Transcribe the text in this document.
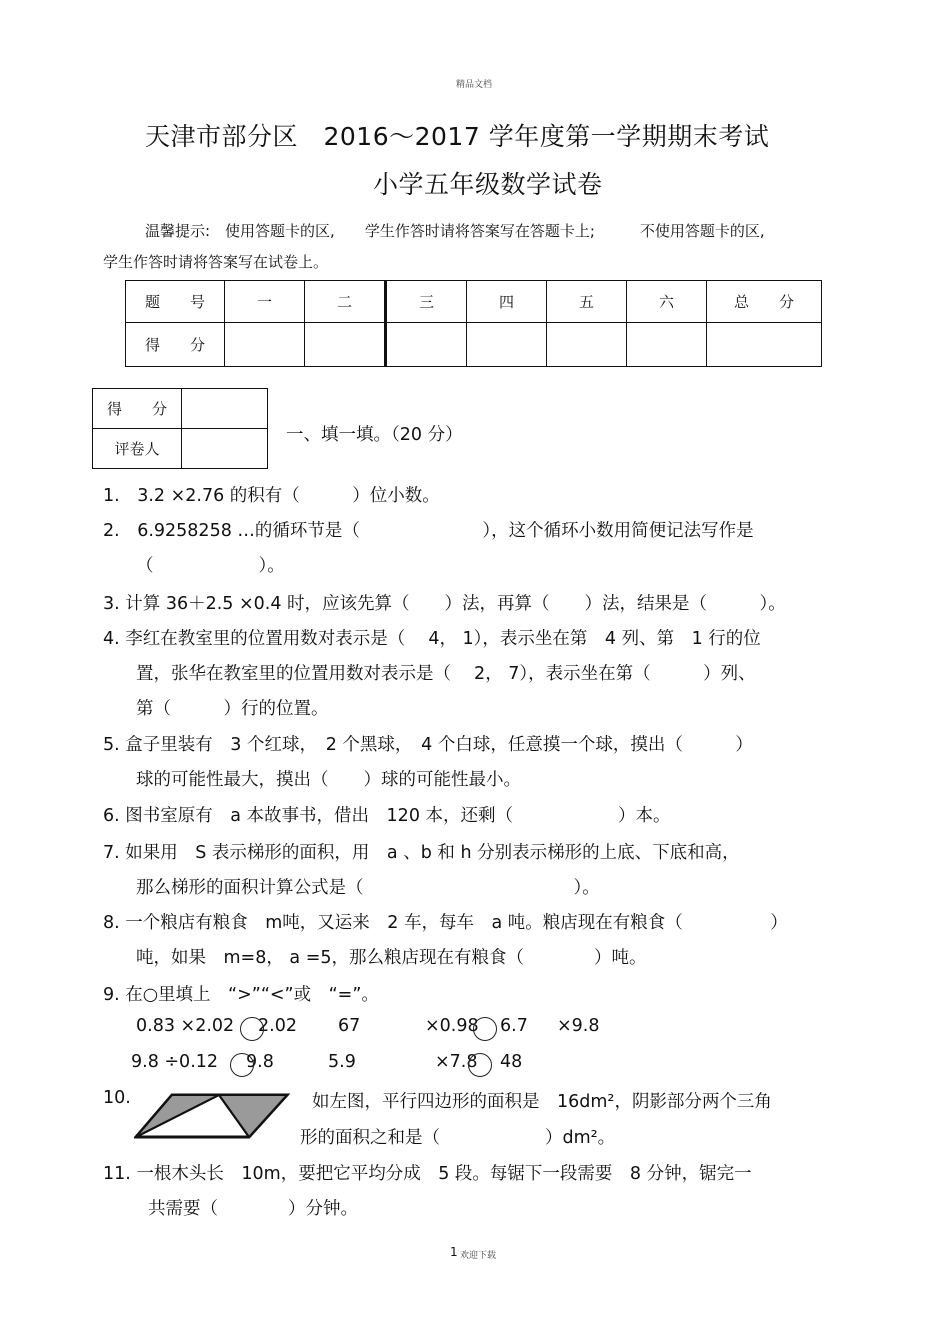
精品文档
天津市部分区　2016～2017 学年度第一学期期末考试
小学五年级数学试卷
温馨提示:　使用答题卡的区,　　学生作答时请将答案写在答题卡上;　　　不使用答题卡的区,
学生作答时请将答案写在试卷上。
题　　号	一	二	三	四	五	六	总　　分
得　　分							
得　　分	
评卷人	
一、填一填。（20 分）
1.　3.2 ×2.76 的积有（　　　）位小数。
2.　6.9258258 …的循环节是（　　　　　　　），这个循环小数用简便记法写作是
（　　　　　　）。
3. 计算 36＋2.5 ×0.4 时，应该先算（　　）法，再算（　　）法，结果是（　　　）。
4. 李红在教室里的位置用数对表示是（　 4， 1），表示坐在第　4 列、第　1 行的位
置，张华在教室里的位置用数对表示是（　 2， 7），表示坐在第（　　　）列、
第（　　　）行的位置。
5. 盒子里装有　3 个红球，　2 个黑球，　4 个白球，任意摸一个球，摸出（　　　）
球的可能性最大，摸出（　　）球的可能性最小。
6. 图书室原有　a 本故事书，借出　120 本，还剩（　　　　　　）本。
7. 如果用　S 表示梯形的面积，用　a 、b 和 h 分别表示梯形的上底、下底和高，
那么梯形的面积计算公式是（　　　　　　　　　　　　）。
8. 一个粮店有粮食　m吨，又运来　2 车，每车　a 吨。粮店现在有粮食（　　　　　）
吨，如果　m=8， a =5，那么粮店现在有粮食（　　　　）吨。
9. 在○里填上　“>”“<”或　“=”。
0.83 ×2.02 2.02 67	×0.98 6.7 ×9.8
9.8 ÷0.12 9.8	5.9	×7.8 48
10.	如左图，平行四边形的面积是　16dm²，阴影部分两个三角
形的面积之和是（　　　　　　）dm²。
11. 一根木头长　10m，要把它平均分成　5 段。每锯下一段需要　8 分钟，锯完一
共需要（　　　　）分钟。
1 欢迎下载
